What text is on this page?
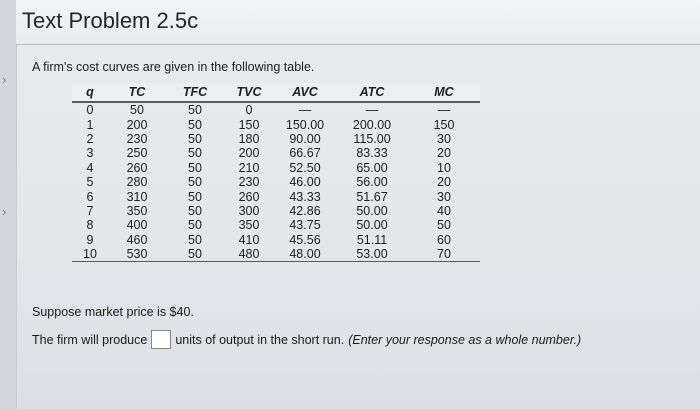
›
›
Text Problem 2.5c
A firm's cost curves are given in the following table.
q	TC	TFC	TVC	AVC	ATC	MC
0	50	50	0	—	—	—
1	200	50	150	150.00	200.00	150
2	230	50	180	90.00	115.00	30
3	250	50	200	66.67	83.33	20
4	260	50	210	52.50	65.00	10
5	280	50	230	46.00	56.00	20
6	310	50	260	43.33	51.67	30
7	350	50	300	42.86	50.00	40
8	400	50	350	43.75	50.00	50
9	460	50	410	45.56	51.11	60
10	530	50	480	48.00	53.00	70
Suppose market price is $40.
The firm will produce units of output in the short run. (Enter your response as a whole number.)
